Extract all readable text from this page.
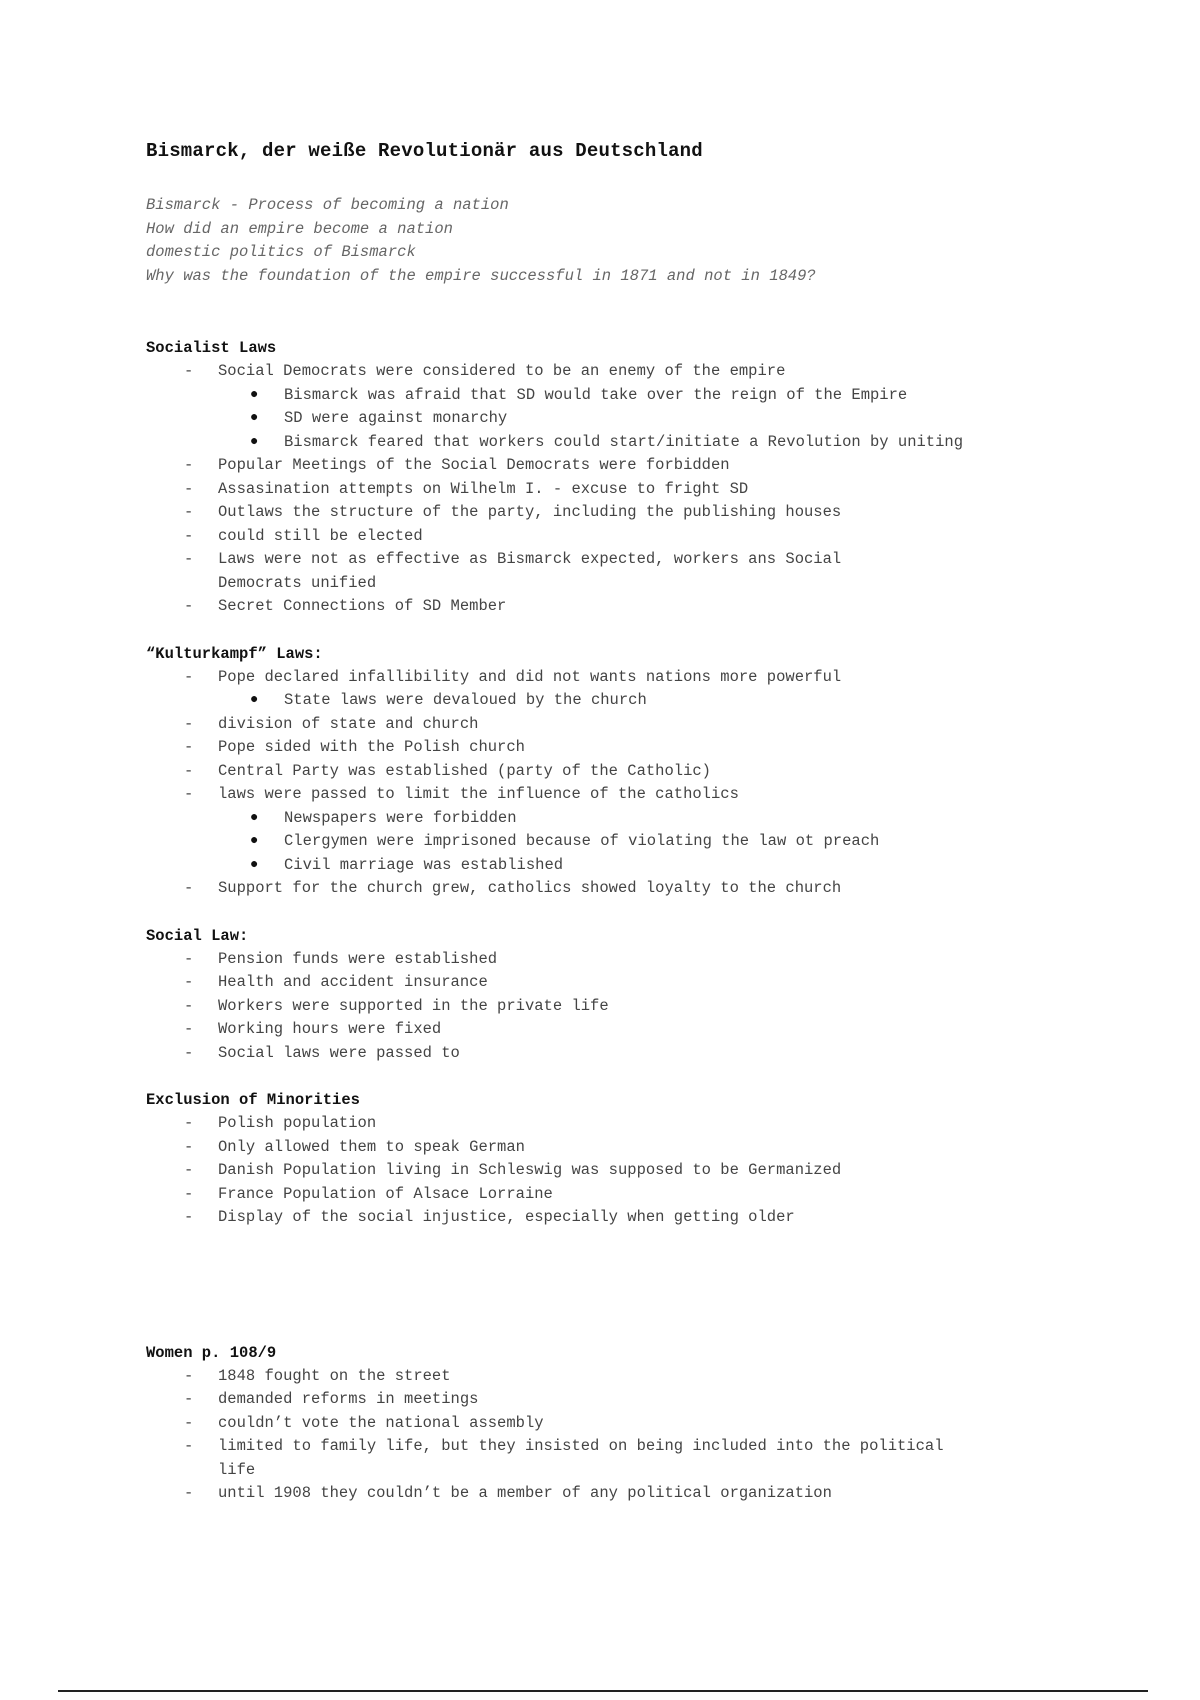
Bismarck, der weiße Revolutionär aus Deutschland
Bismarck - Process of becoming a nation
How did an empire become a nation
domestic politics of Bismarck
Why was the foundation of the empire successful in 1871 and not in 1849?
Socialist Laws
- Social Democrats were considered to be an enemy of the empire
●	Bismarck was afraid that SD would take over the reign of the Empire
●	SD were against monarchy
●	Bismarck feared that workers could start/initiate a Revolution by uniting
- Popular Meetings of the Social Democrats were forbidden
- Assasination attempts on Wilhelm I. - excuse to fright SD
- Outlaws the structure of the party, including the publishing houses
- could still be elected
- Laws were not as effective as Bismarck expected, workers ans Social Democrats unified
- Secret Connections of SD Member
“Kulturkampf” Laws:
- Pope declared infallibility and did not wants nations more powerful
●	State laws were devaloued by the church
- division of state and church
- Pope sided with the Polish church
- Central Party was established (party of the Catholic)
- laws were passed to limit the influence of the catholics
●	Newspapers were forbidden
●	Clergymen were imprisoned because of violating the law ot preach
●	Civil marriage was established
- Support for the church grew, catholics showed loyalty to the church
Social Law:
- Pension funds were established
- Health and accident insurance
- Workers were supported in the private life
- Working hours were fixed
- Social laws were passed to
Exclusion of Minorities
- Polish population
- Only allowed them to speak German
- Danish Population living in Schleswig was supposed to be Germanized
- France Population of Alsace Lorraine
- Display of the social injustice, especially when getting older
Women p. 108/9
- 1848 fought on the street
- demanded reforms in meetings
- couldn’t vote the national assembly
- limited to family life, but they insisted on being included into the political life
- until 1908 they couldn’t be a member of any political organization
